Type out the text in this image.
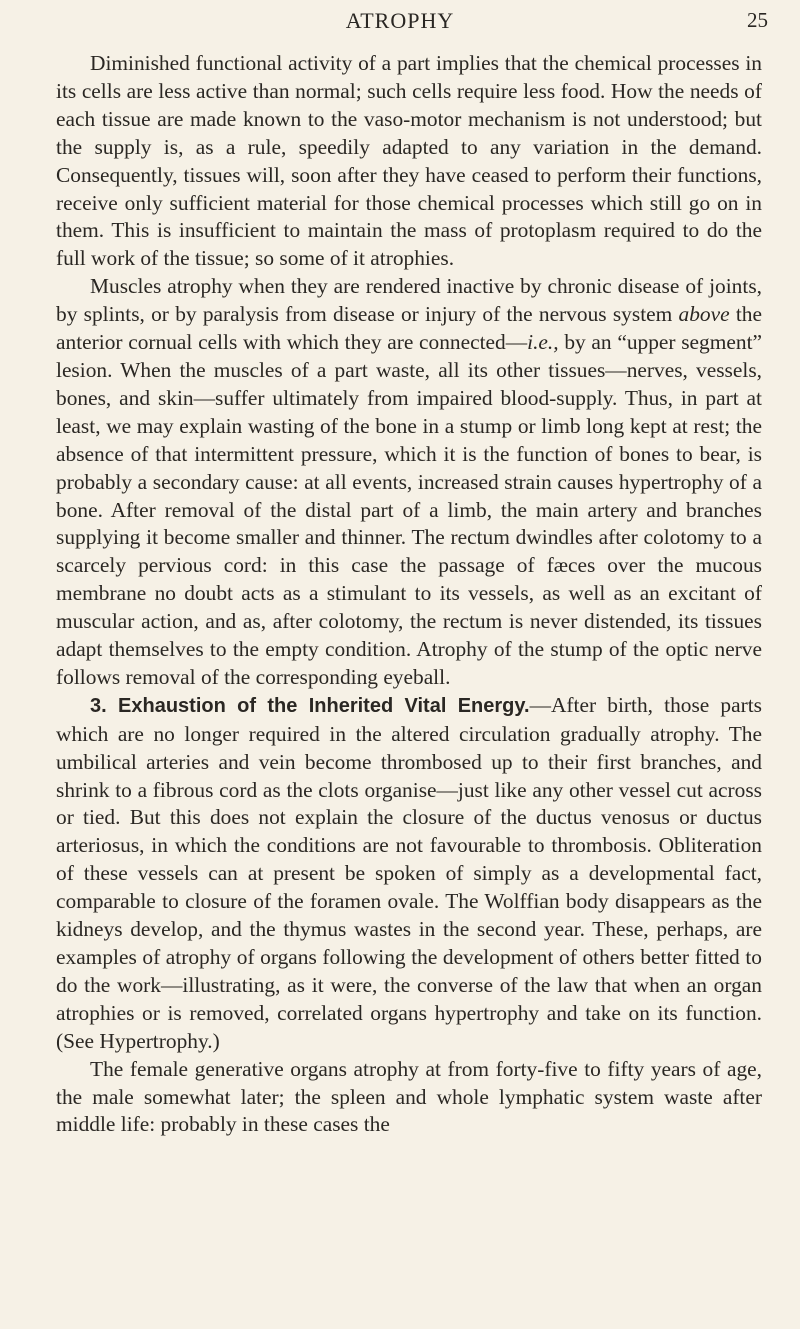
ATROPHY	25

Diminished functional activity of a part implies that the chemical processes in its cells are less active than normal; such cells require less food. How the needs of each tissue are made known to the vaso-motor mechanism is not understood; but the supply is, as a rule, speedily adapted to any variation in the demand. Consequently, tissues will, soon after they have ceased to perform their functions, receive only sufficient material for those chemical processes which still go on in them. This is insufficient to maintain the mass of protoplasm required to do the full work of the tissue; so some of it atrophies.

Muscles atrophy when they are rendered inactive by chronic disease of joints, by splints, or by paralysis from disease or injury of the nervous system above the anterior cornual cells with which they are connected—i.e., by an “upper segment” lesion. When the muscles of a part waste, all its other tissues—nerves, vessels, bones, and skin—suffer ultimately from impaired blood-supply. Thus, in part at least, we may explain wasting of the bone in a stump or limb long kept at rest; the absence of that intermittent pressure, which it is the function of bones to bear, is probably a secondary cause: at all events, increased strain causes hypertrophy of a bone. After removal of the distal part of a limb, the main artery and branches supplying it become smaller and thinner. The rectum dwindles after colotomy to a scarcely pervious cord: in this case the passage of fæces over the mucous membrane no doubt acts as a stimulant to its vessels, as well as an excitant of muscular action, and as, after colotomy, the rectum is never distended, its tissues adapt themselves to the empty condition. Atrophy of the stump of the optic nerve follows removal of the corresponding eyeball.

3. Exhaustion of the Inherited Vital Energy.—After birth, those parts which are no longer required in the altered circulation gradually atrophy. The umbilical arteries and vein become thrombosed up to their first branches, and shrink to a fibrous cord as the clots organise—just like any other vessel cut across or tied. But this does not explain the closure of the ductus venosus or ductus arteriosus, in which the conditions are not favourable to thrombosis. Obliteration of these vessels can at present be spoken of simply as a developmental fact, comparable to closure of the foramen ovale. The Wolffian body disappears as the kidneys develop, and the thymus wastes in the second year. These, perhaps, are examples of atrophy of organs following the development of others better fitted to do the work—illustrating, as it were, the converse of the law that when an organ atrophies or is removed, correlated organs hypertrophy and take on its function. (See Hypertrophy.)

The female generative organs atrophy at from forty-five to fifty years of age, the male somewhat later; the spleen and whole lymphatic system waste after middle life: probably in these cases the
